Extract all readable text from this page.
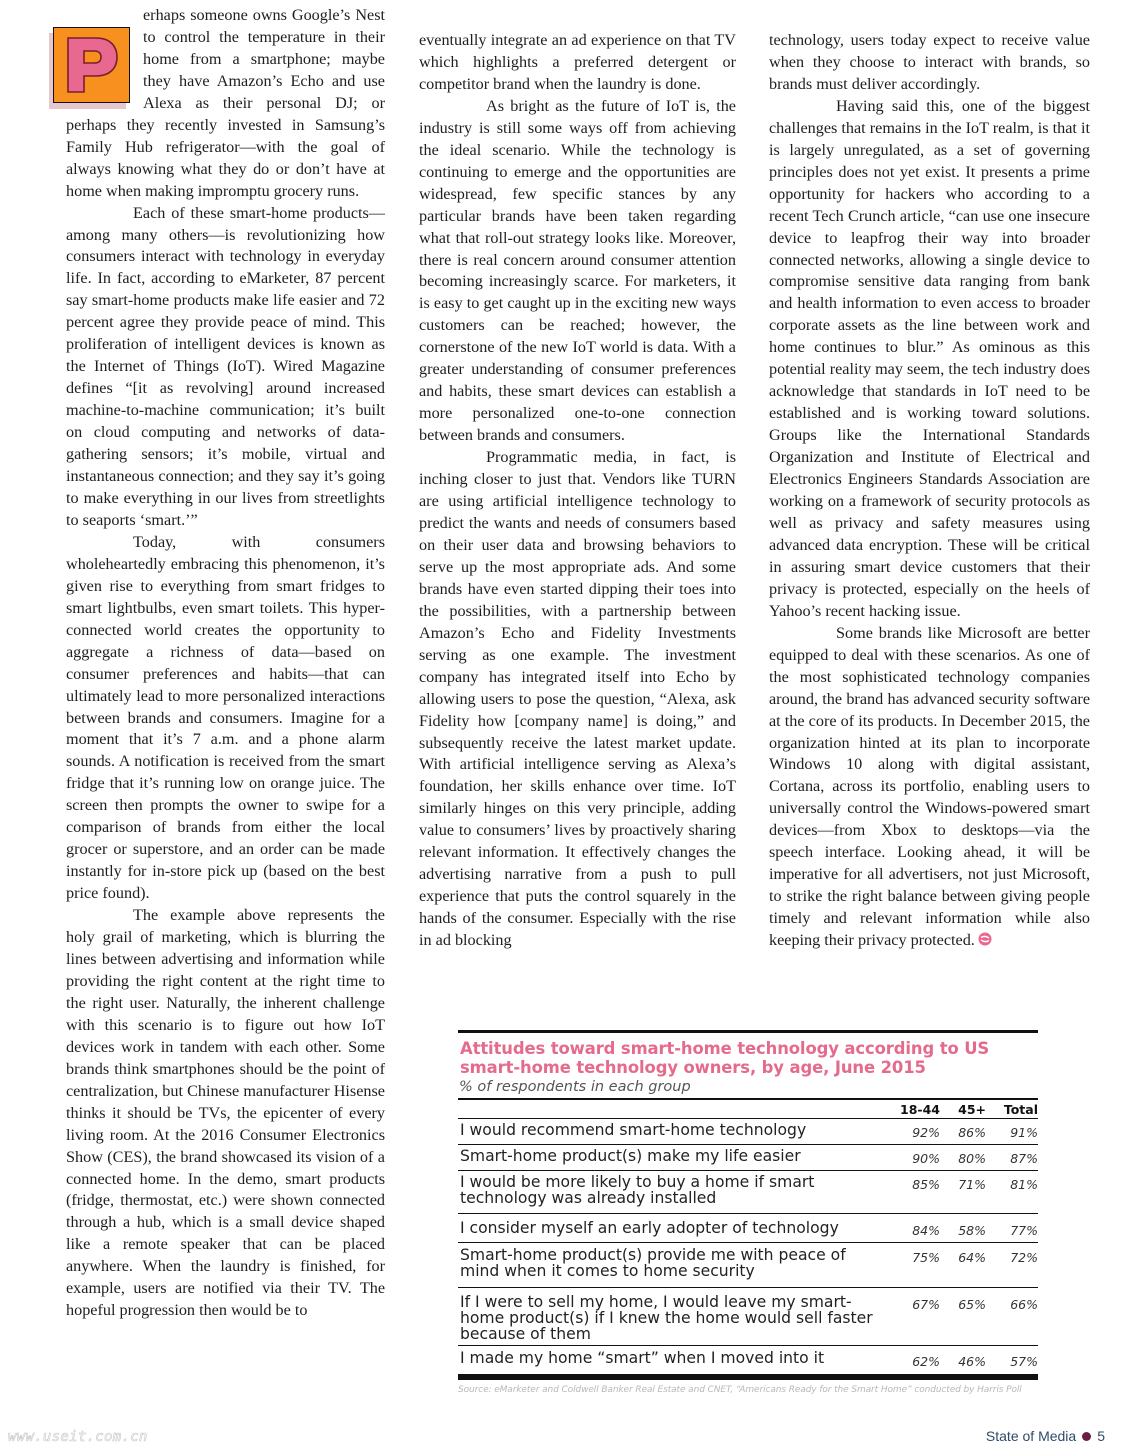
erhaps someone owns Google’s Nest to control the temperature in their home from a smartphone; maybe they have Amazon’s Echo and use Alexa as their personal DJ; or perhaps they recently invested in Samsung’s Family Hub refrigerator—with the goal of always knowing what they do or don’t have at home when making impromptu grocery runs.

Each of these smart-home products—among many others—is revolutionizing how consumers interact with technology in everyday life. In fact, according to eMarketer, 87 percent say smart-home products make life easier and 72 percent agree they provide peace of mind. This proliferation of intelligent devices is known as the Internet of Things (IoT). Wired Magazine defines “[it as revolving] around increased machine-to-machine communication; it’s built on cloud computing and networks of data-gathering sensors; it’s mobile, virtual and instantaneous connection; and they say it’s going to make everything in our lives from streetlights to seaports ‘smart.’”

Today, with consumers wholeheartedly embracing this phenomenon, it’s given rise to everything from smart fridges to smart lightbulbs, even smart toilets. This hyper-connected world creates the opportunity to aggregate a richness of data—based on consumer preferences and habits—that can ultimately lead to more personalized interactions between brands and consumers. Imagine for a moment that it’s 7 a.m. and a phone alarm sounds. A notification is received from the smart fridge that it’s running low on orange juice. The screen then prompts the owner to swipe for a comparison of brands from either the local grocer or superstore, and an order can be made instantly for in-store pick up (based on the best price found).

The example above represents the holy grail of marketing, which is blurring the lines between advertising and information while providing the right content at the right time to the right user. Naturally, the inherent challenge with this scenario is to figure out how IoT devices work in tandem with each other. Some brands think smartphones should be the point of centralization, but Chinese manufacturer Hisense thinks it should be TVs, the epicenter of every living room. At the 2016 Consumer Electronics Show (CES), the brand showcased its vision of a connected home. In the demo, smart products (fridge, thermostat, etc.) were shown connected through a hub, which is a small device shaped like a remote speaker that can be placed anywhere. When the laundry is finished, for example, users are notified via their TV. The hopeful progression then would be to

eventually integrate an ad experience on that TV which highlights a preferred detergent or competitor brand when the laundry is done.

As bright as the future of IoT is, the industry is still some ways off from achieving the ideal scenario. While the technology is continuing to emerge and the opportunities are widespread, few specific stances by any particular brands have been taken regarding what that roll-out strategy looks like. Moreover, there is real concern around consumer attention becoming increasingly scarce. For marketers, it is easy to get caught up in the exciting new ways customers can be reached; however, the cornerstone of the new IoT world is data. With a greater understanding of consumer preferences and habits, these smart devices can establish a more personalized one-to-one connection between brands and consumers.

Programmatic media, in fact, is inching closer to just that. Vendors like TURN are using artificial intelligence technology to predict the wants and needs of consumers based on their user data and browsing behaviors to serve up the most appropriate ads. And some brands have even started dipping their toes into the possibilities, with a partnership between Amazon’s Echo and Fidelity Investments serving as one example. The investment company has integrated itself into Echo by allowing users to pose the question, “Alexa, ask Fidelity how [company name] is doing,” and subsequently receive the latest market update. With artificial intelligence serving as Alexa’s foundation, her skills enhance over time. IoT similarly hinges on this very principle, adding value to consumers’ lives by proactively sharing relevant information. It effectively changes the advertising narrative from a push to pull experience that puts the control squarely in the hands of the consumer. Especially with the rise in ad blocking

technology, users today expect to receive value when they choose to interact with brands, so brands must deliver accordingly.

Having said this, one of the biggest challenges that remains in the IoT realm, is that it is largely unregulated, as a set of governing principles does not yet exist. It presents a prime opportunity for hackers who according to a recent Tech Crunch article, “can use one insecure device to leapfrog their way into broader connected networks, allowing a single device to compromise sensitive data ranging from bank and health information to even access to broader corporate assets as the line between work and home continues to blur.” As ominous as this potential reality may seem, the tech industry does acknowledge that standards in IoT need to be established and is working toward solutions. Groups like the International Standards Organization and Institute of Electrical and Electronics Engineers Standards Association are working on a framework of security protocols as well as privacy and safety measures using advanced data encryption. These will be critical in assuring smart device customers that their privacy is protected, especially on the heels of Yahoo’s recent hacking issue.

Some brands like Microsoft are better equipped to deal with these scenarios. As one of the most sophisticated technology companies around, the brand has advanced security software at the core of its products. In December 2015, the organization hinted at its plan to incorporate Windows 10 along with digital assistant, Cortana, across its portfolio, enabling users to universally control the Windows-powered smart devices—from Xbox to desktops—via the speech interface. Looking ahead, it will be imperative for all advertisers, not just Microsoft, to strike the right balance between giving people timely and relevant information while also keeping their privacy protected.

Attitudes toward smart-home technology according to US smart-home technology owners, by age, June 2015
% of respondents in each group
	18-44	45+	Total
I would recommend smart-home technology	92%	86%	91%
Smart-home product(s) make my life easier	90%	80%	87%
I would be more likely to buy a home if smart technology was already installed	85%	71%	81%
I consider myself an early adopter of technology	84%	58%	77%
Smart-home product(s) provide me with peace of mind when it comes to home security	75%	64%	72%
If I were to sell my home, I would leave my smart-home product(s) if I knew the home would sell faster because of them	67%	65%	66%
I made my home “smart” when I moved into it	62%	46%	57%
Source: eMarketer and Coldwell Banker Real Estate and CNET, “Americans Ready for the Smart Home” conducted by Harris Poll
www.useit.com.cn	State of Media 5
